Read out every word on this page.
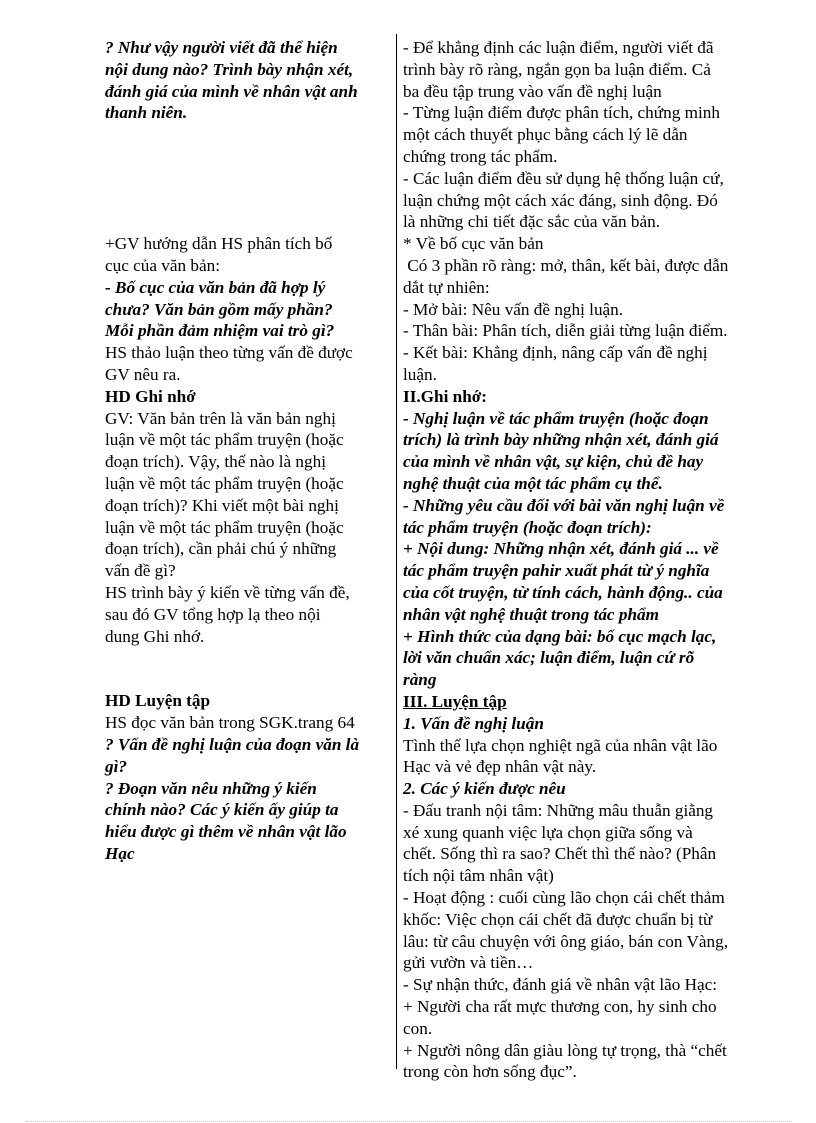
? Như vậy người viết đã thể hiện
nội dung nào? Trình bày nhận xét,
đánh giá của mình về nhân vật anh
thanh niên.
+GV hướng dẫn HS phân tích bố
cục của văn bản:
- Bố cục của văn bản đã hợp lý
chưa? Văn bản gồm mấy phần?
Mỗi phần đảm nhiệm vai trò gì?
HS thảo luận theo từng vấn đề được
GV nêu ra.
HD Ghi nhớ
GV: Văn bản trên là văn bản nghị
luận về một tác phẩm truyện (hoặc
đoạn trích). Vậy, thế nào là nghị
luận về một tác phẩm truyện (hoặc
đoạn trích)? Khi viết một bài nghị
luận về một tác phẩm truyện (hoặc
đoạn trích), cần phải chú ý những
vấn đề gì?
HS trình bày ý kiến về từng vấn đề,
sau đó GV tổng hợp lạ theo nội
dung Ghi nhớ.
HD Luyện tập
HS đọc văn bản trong SGK.trang 64
? Vấn đề nghị luận của đoạn văn là
gì?
? Đoạn văn nêu những ý kiến
chính nào? Các ý kiến ấy giúp ta
hiểu được gì thêm về nhân vật lão
Hạc
- Để khẳng định các luận điểm, người viết đã
trình bày rõ ràng, ngắn gọn ba luận điểm. Cả
ba đều tập trung vào vấn đề nghị luận
- Từng luận điểm được phân tích, chứng minh
một cách thuyết phục bằng cách lý lẽ dẫn
chứng trong tác phẩm.
- Các luận điểm đều sử dụng hệ thống luận cứ,
luận chứng một cách xác đáng, sinh động. Đó
là những chi tiết đặc sắc của văn bản.
* Về bố cục văn bản
Có 3 phần rõ ràng: mở, thân, kết bài, được dẫn
dắt tự nhiên:
- Mở bài: Nêu vấn đề nghị luận.
- Thân bài: Phân tích, diễn giải từng luận điểm.
- Kết bài: Khẳng định, nâng cấp vấn đề nghị
luận.
II.Ghi nhớ:
- Nghị luận về tác phẩm truyện (hoặc đoạn
trích) là trình bày những nhận xét, đánh giá
của mình về nhân vật, sự kiện, chủ đề hay
nghệ thuật của một tác phẩm cụ thể.
- Những yêu cầu đối với bài văn nghị luận về
tác phẩm truyện (hoặc đoạn trích):
+ Nội dung: Những nhận xét, đánh giá ... về
tác phẩm truyện pahir xuất phát từ ý nghĩa
của cốt truyện, từ tính cách, hành động.. của
nhân vật nghệ thuật trong tác phẩm
+ Hình thức của dạng bài: bố cục mạch lạc,
lời văn chuẩn xác; luận điểm, luận cứ rõ
ràng
III. Luyện tập
1. Vấn đề nghị luận
Tình thế lựa chọn nghiệt ngã của nhân vật lão
Hạc và vẻ đẹp nhân vật này.
2. Các ý kiến được nêu
- Đấu tranh nội tâm: Những mâu thuẫn giằng
xé xung quanh việc lựa chọn giữa sống và
chết. Sống thì ra sao? Chết thì thế nào? (Phân
tích nội tâm nhân vật)
- Hoạt động : cuối cùng lão chọn cái chết thảm
khốc: Việc chọn cái chết đã được chuẩn bị từ
lâu: từ câu chuyện với ông giáo, bán con Vàng,
gửi vườn và tiền…
- Sự nhận thức, đánh giá về nhân vật lão Hạc:
+ Người cha rất mực thương con, hy sinh cho
con.
+ Người nông dân giàu lòng tự trọng, thà “chết
trong còn hơn sống đục”.
